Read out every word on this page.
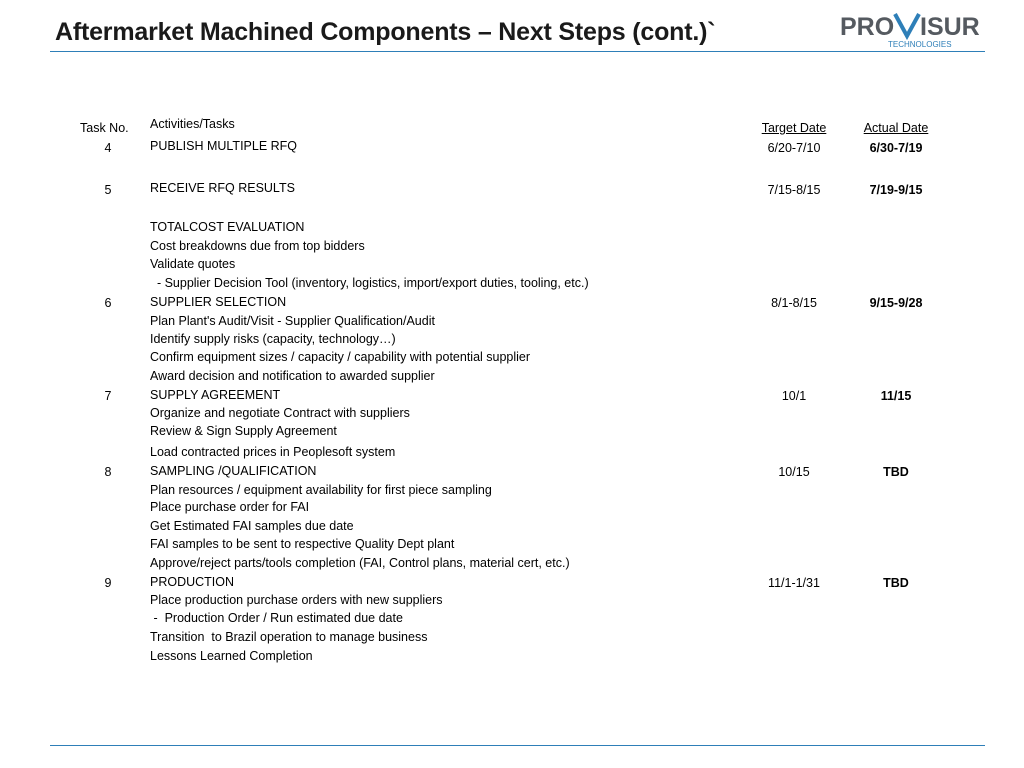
Aftermarket Machined Components – Next Steps (cont.)`	PRO ISUR
TECHNOLOGIES
Task No. Activities/Tasks	Target Date	Actual Date
4	PUBLISH MULTIPLE RFQ	6/20-7/10	6/30-7/19
5	RECEIVE RFQ RESULTS	7/15-8/15	7/19-9/15
TOTALCOST EVALUATION
Cost breakdowns due from top bidders
Validate quotes
- Supplier Decision Tool (inventory, logistics, import/export duties, tooling, etc.)
6	SUPPLIER SELECTION	8/1-8/15	9/15-9/28
Plan Plant's Audit/Visit - Supplier Qualification/Audit
Identify supply risks (capacity, technology…)
Confirm equipment sizes / capacity / capability with potential supplier
Award decision and notification to awarded supplier
7	SUPPLY AGREEMENT	10/1	11/15
Organize and negotiate Contract with suppliers
Review & Sign Supply Agreement
Load contracted prices in Peoplesoft system
8	SAMPLING /QUALIFICATION	10/15	TBD
Plan resources / equipment availability for first piece sampling
Place purchase order for FAI
Get Estimated FAI samples due date
FAI samples to be sent to respective Quality Dept plant
Approve/reject parts/tools completion (FAI, Control plans, material cert, etc.)
9	PRODUCTION	11/1-1/31	TBD
Place production purchase orders with new suppliers
-  Production Order / Run estimated due date
Transition  to Brazil operation to manage business
Lessons Learned Completion
